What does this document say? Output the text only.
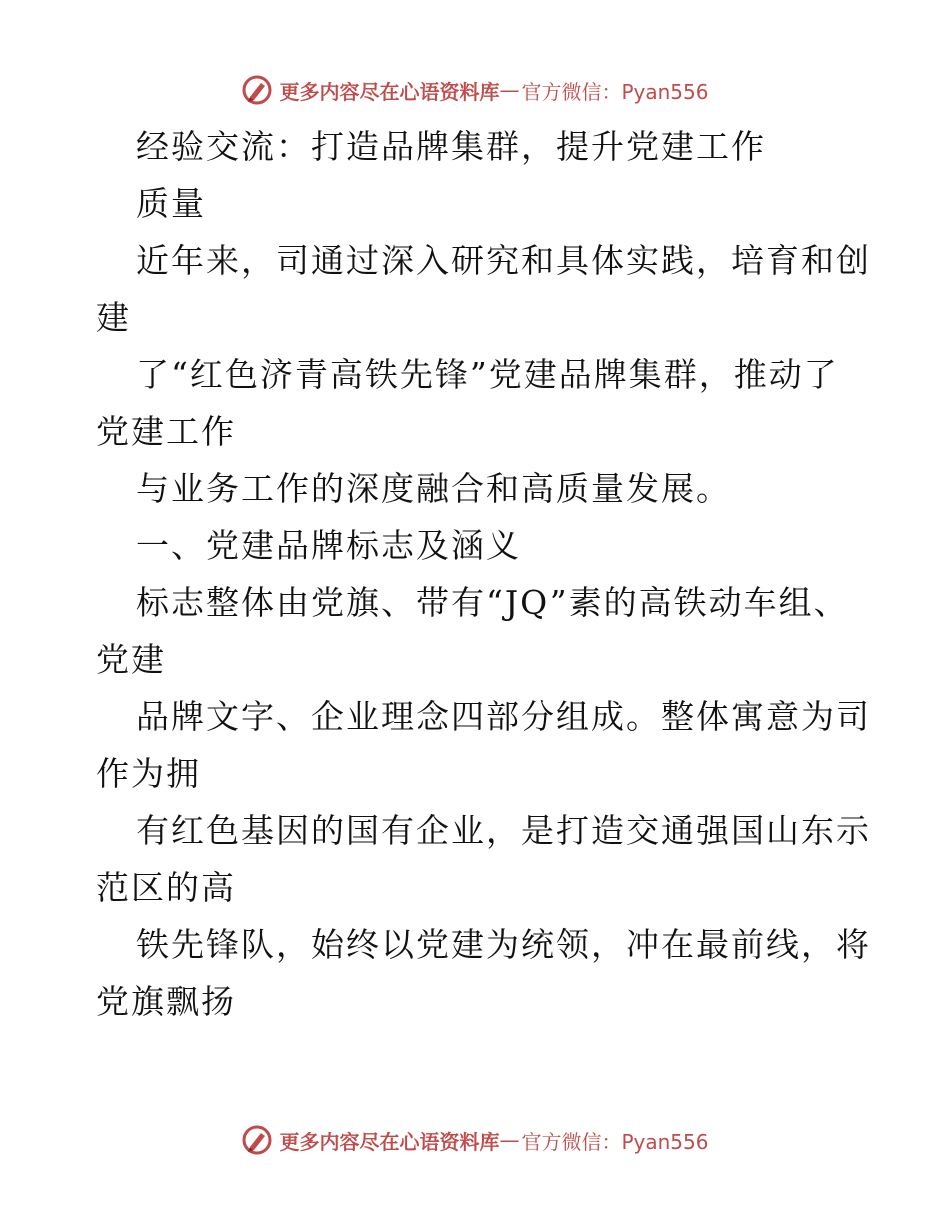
更多内容尽在心语资料库 — 官方微信：Pyan556
经验交流：打造品牌集群，提升党建工作
质量
近年来，司通过深入研究和具体实践，培育和创
建
了“红色济青高铁先锋”党建品牌集群，推动了
党建工作
与业务工作的深度融合和高质量发展。
一、党建品牌标志及涵义
标志整体由党旗、带有“JQ”素的高铁动车组、
党建
品牌文字、企业理念四部分组成。整体寓意为司
作为拥
有红色基因的国有企业，是打造交通强国山东示
范区的高
铁先锋队，始终以党建为统领，冲在最前线，将
党旗飘扬
更多内容尽在心语资料库 — 官方微信：Pyan556
